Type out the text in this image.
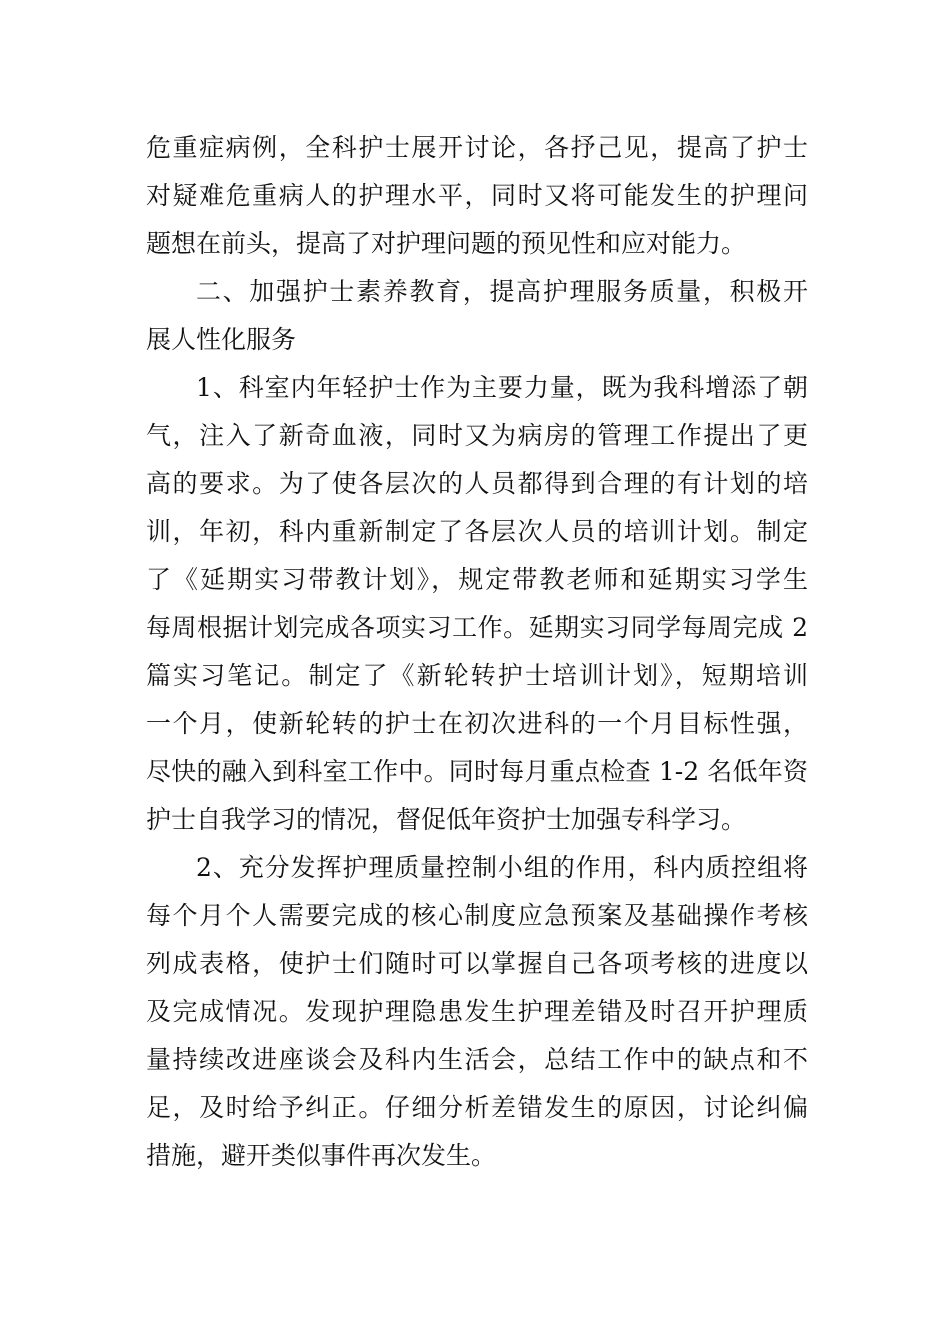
危重症病例，全科护士展开讨论，各抒己见，提高了护士
对疑难危重病人的护理水平，同时又将可能发生的护理问
题想在前头，提高了对护理问题的预见性和应对能力。
二、加强护士素养教育，提高护理服务质量，积极开
展人性化服务
1、科室内年轻护士作为主要力量，既为我科增添了朝
气，注入了新奇血液，同时又为病房的管理工作提出了更
高的要求。为了使各层次的人员都得到合理的有计划的培
训，年初，科内重新制定了各层次人员的培训计划。制定
了《延期实习带教计划》，规定带教老师和延期实习学生
每周根据计划完成各项实习工作。延期实习同学每周完成 2
篇实习笔记。制定了《新轮转护士培训计划》，短期培训
一个月，使新轮转的护士在初次进科的一个月目标性强，
尽快的融入到科室工作中。同时每月重点检查 1-2 名低年资
护士自我学习的情况，督促低年资护士加强专科学习。
2、充分发挥护理质量控制小组的作用，科内质控组将
每个月个人需要完成的核心制度应急预案及基础操作考核
列成表格，使护士们随时可以掌握自己各项考核的进度以
及完成情况。发现护理隐患发生护理差错及时召开护理质
量持续改进座谈会及科内生活会，总结工作中的缺点和不
足，及时给予纠正。仔细分析差错发生的原因，讨论纠偏
措施，避开类似事件再次发生。
